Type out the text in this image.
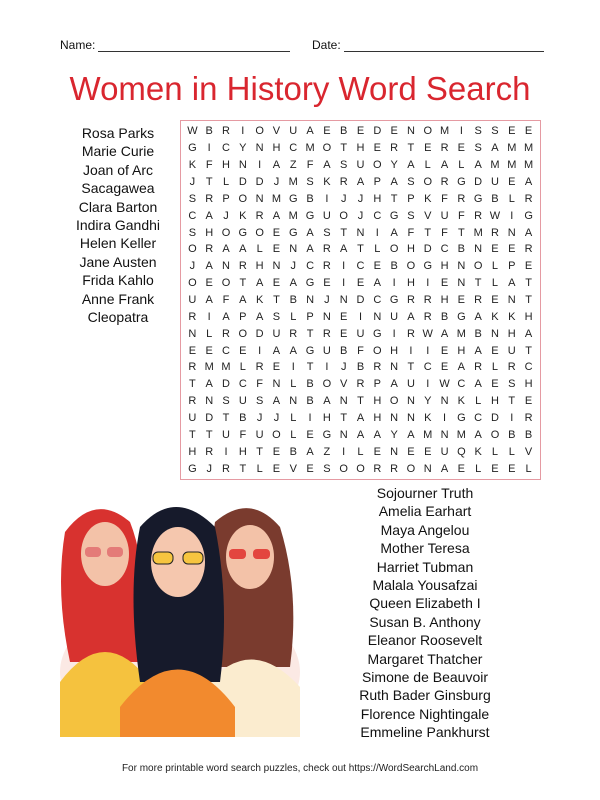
Name:	Date:
Women in History Word Search
W B R	I	O V U A E B E D E N O M I	S S E E
G	I	C Y N H C M O T H E R T E R E S A M M
K F H N	I	A Z F A S U O Y A L A L A M M M
J T L D D J M S K R A P A S O R G D U E A
S R P O N M G B	I	J	J H T P K F R G B L R
C A J K R A M G U O J C G S V U F R W I	G
S H O G O E G A S T N	I	A F T F T M R N A
O R A A L E N A R A T L O H D C B N E E R
J A N R H N J C R	I	C E B O G H N O L P E
O E O T A E A G E	I	E A	I	H	I	E N T L A T
U A F A K T B N J N D C G R R H E R E N T
R	I	A P A S L P N E	I	N U A R B G A K K H
N L R O D U R T R E U G	I	R W A M B N H A
E E C E	I	A A G U B F O H	I	I	E H A E U T
R M M L R E	I	T	I	J B R N T C E A R L R C
T A D C F N L B O V R P A U	I W C A E S H
R N S U S A N B A N T H O N Y N K L H T E
U D T B J	J	L	I	H T A H N N K	I	G C D	I	R
T T U F U O L E G N A A Y A M N M A O B B
H R	I	H T E B A Z	I	L E N E E U Q K L L V
G J R T L E V E S O O R R O N A E L E E L
Rosa Parks
Marie Curie
Joan of Arc
Sacagawea
Clara Barton
Indira Gandhi
Helen Keller
Jane Austen
Frida Kahlo
Anne Frank
Cleopatra
Sojourner Truth
Amelia Earhart
Maya Angelou
Mother Teresa
Harriet Tubman
Malala Yousafzai
Queen Elizabeth I
Susan B. Anthony
Eleanor Roosevelt
Margaret Thatcher
Simone de Beauvoir
Ruth Bader Ginsburg
Florence Nightingale
Emmeline Pankhurst
For more printable word search puzzles, check out https://WordSearchLand.com
